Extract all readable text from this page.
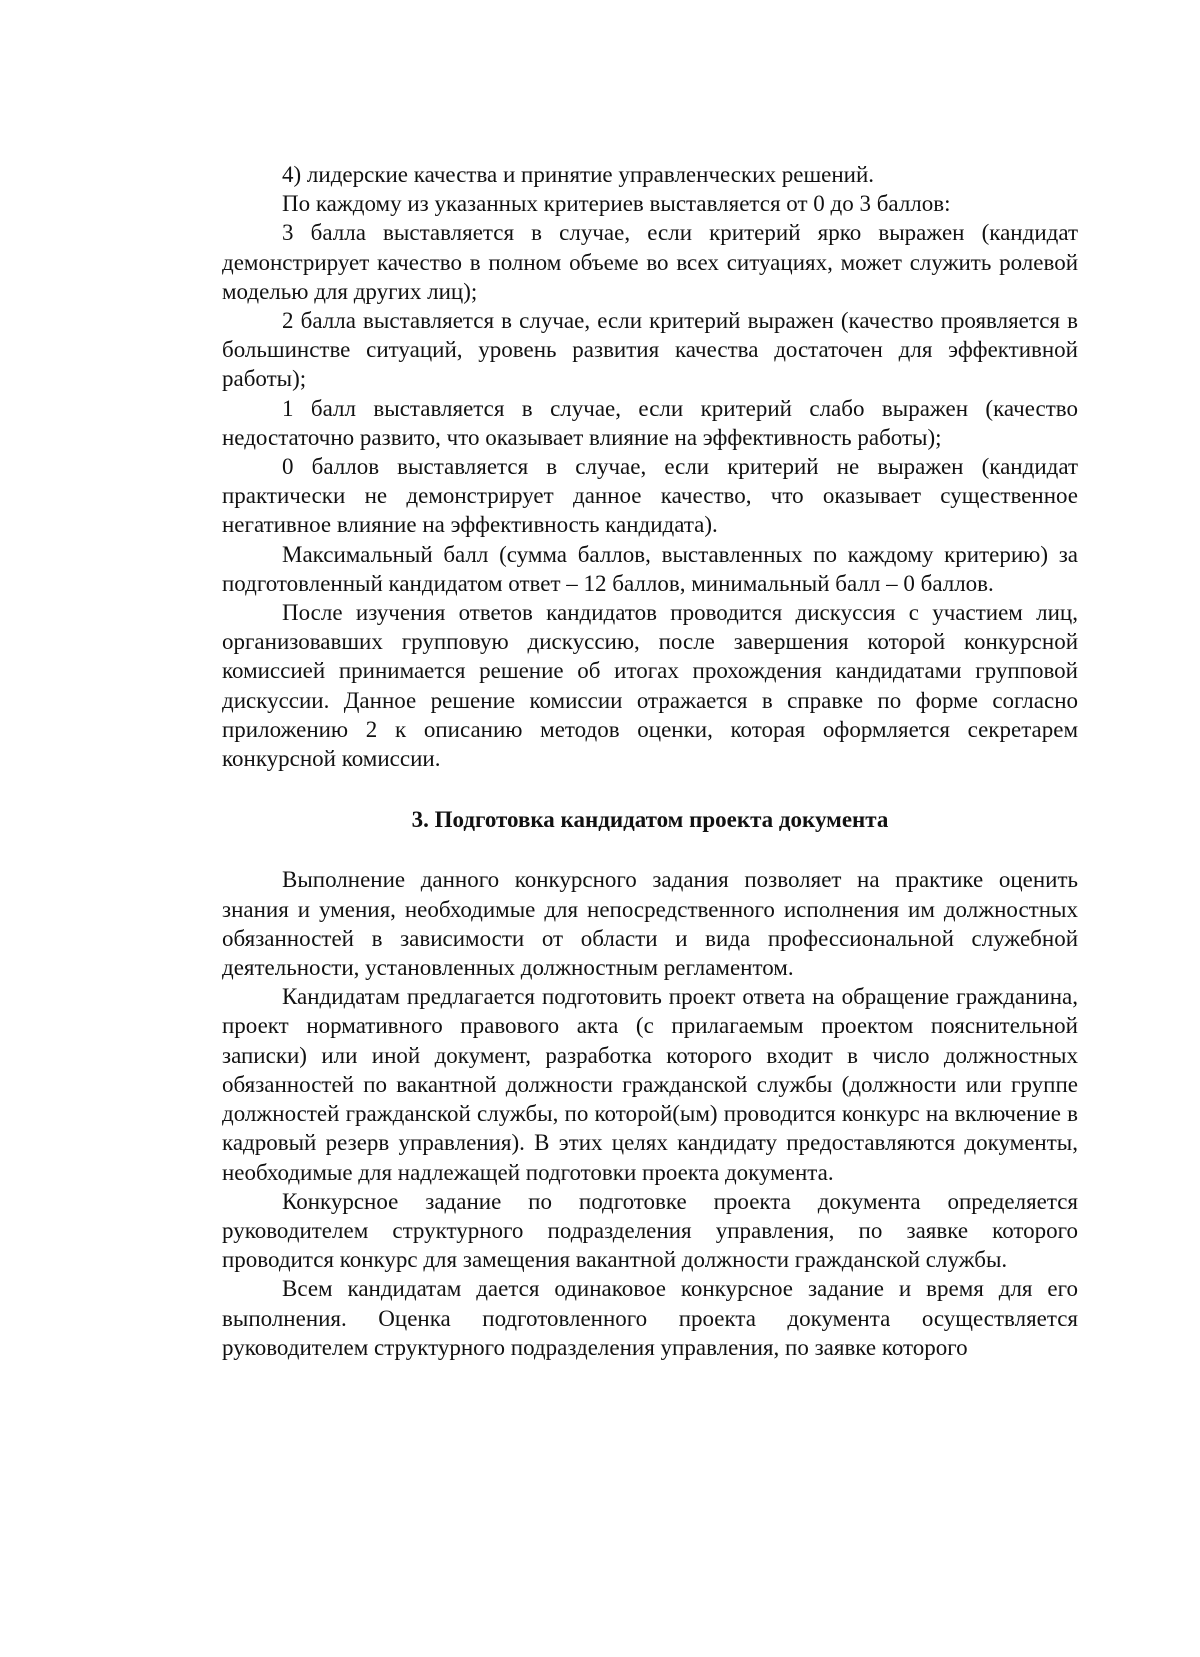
4) лидерские качества и принятие управленческих решений.

По каждому из указанных критериев выставляется от 0 до 3 баллов:

3 балла выставляется в случае, если критерий ярко выражен (кандидат демонстрирует качество в полном объеме во всех ситуациях, может служить ролевой моделью для других лиц);

2 балла выставляется в случае, если критерий выражен (качество проявляется в большинстве ситуаций, уровень развития качества достаточен для эффективной работы);

1 балл выставляется в случае, если критерий слабо выражен (качество недостаточно развито, что оказывает влияние на эффективность работы);

0 баллов выставляется в случае, если критерий не выражен (кандидат практически не демонстрирует данное качество, что оказывает существенное негативное влияние на эффективность кандидата).

Максимальный балл (сумма баллов, выставленных по каждому критерию) за подготовленный кандидатом ответ – 12 баллов, минимальный балл – 0 баллов.

После изучения ответов кандидатов проводится дискуссия с участием лиц, организовавших групповую дискуссию, после завершения которой конкурсной комиссией принимается решение об итогах прохождения кандидатами групповой дискуссии. Данное решение комиссии отражается в справке по форме согласно приложению 2 к описанию методов оценки, которая оформляется секретарем конкурсной комиссии.

3. Подготовка кандидатом проекта документа

Выполнение данного конкурсного задания позволяет на практике оценить знания и умения, необходимые для непосредственного исполнения им должностных обязанностей в зависимости от области и вида профессиональной служебной деятельности, установленных должностным регламентом.

Кандидатам предлагается подготовить проект ответа на обращение гражданина, проект нормативного правового акта (с прилагаемым проектом пояснительной записки) или иной документ, разработка которого входит в число должностных обязанностей по вакантной должности гражданской службы (должности или группе должностей гражданской службы, по которой(ым) проводится конкурс на включение в кадровый резерв управления). В этих целях кандидату предоставляются документы, необходимые для надлежащей подготовки проекта документа.

Конкурсное задание по подготовке проекта документа определяется руководителем структурного подразделения управления, по заявке которого проводится конкурс для замещения вакантной должности гражданской службы.

Всем кандидатам дается одинаковое конкурсное задание и время для его выполнения. Оценка подготовленного проекта документа осуществляется руководителем структурного подразделения управления, по заявке которого
